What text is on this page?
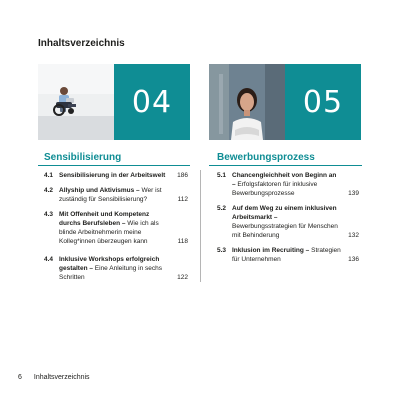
Inhaltsverzeichnis
04	05
Sensibilisierung	Bewerbungsprozess
4.1 Sensibilisierung in der Arbeitswelt 186
4.2 Allyship und Aktivismus – Wer ist zuständig für Sensibilisierung?	112
4.3 Mit Offenheit und Kompetenz durchs Berufsleben – Wie ich als blinde Arbeitnehmerin meine Kolleg*innen überzeugen kann	118
4.4 Inklusive Workshops erfolgreich gestalten – Eine Anleitung in sechs Schritten	122
5.1 Chancengleichheit von Beginn an – Erfolgsfaktoren für inklusive Bewerbungsprozesse	139
5.2 Auf dem Weg zu einem inklusiven Arbeitsmarkt – Bewerbungsstrategien für Menschen mit Behinderung	132
5.3 Inklusion im Recruiting – Strategien für Unternehmen	136
6 Inhaltsverzeichnis
